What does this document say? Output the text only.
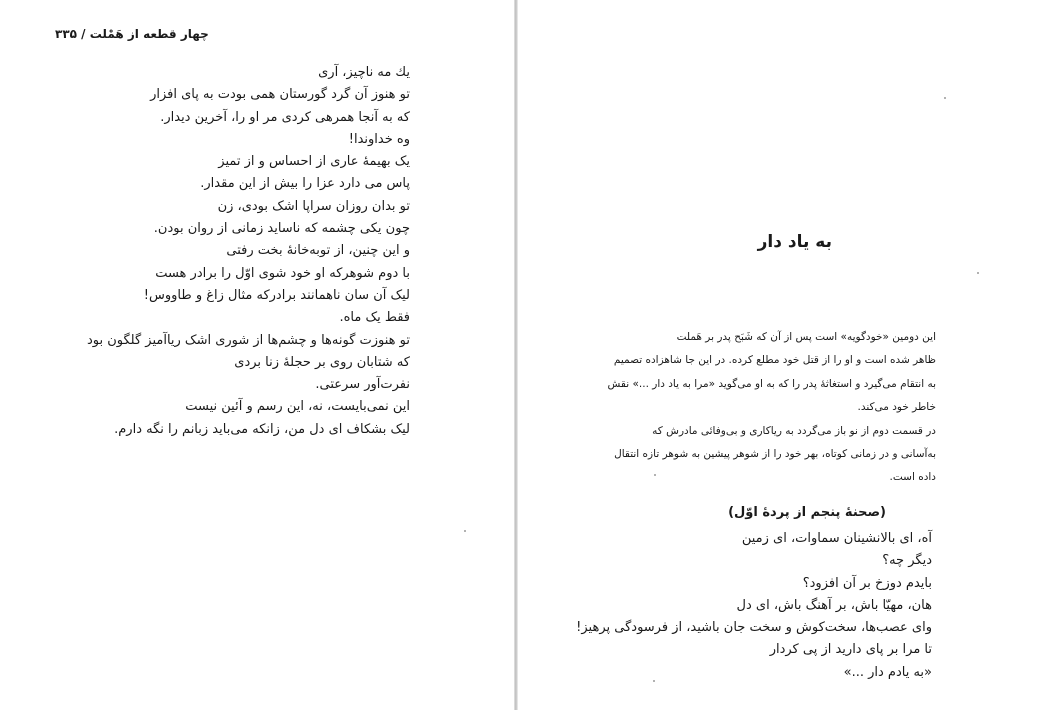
چهار قطعه از هَمْلت / ۳۳۵
یك مه ناچیز، آری
تو هنوز آن گرد گورستان همی بودت به پای افزار
که به آنجا همرهی کردی مر او را، آخرین دیدار.
وه خداوندا!
یک بهیمهٔ عاری از احساس و از تمیز
پاس می دارد عزا را بیش از این مقدار.
تو بدان روزان سراپا اشک بودی، زن
چون یکی چشمه که ناساید زمانی از روان بودن.
و این چنین، از توبه‌خانهٔ بخت رفتی
با دوم شوهرکه او خود شوی اوّل را برادر هست
لیک آن سان ناهمانند برادرکه مثال زاغ و طاووس!
فقط یک ماه.
تو هنوزت گونه‌ها و چشم‌ها از شوری اشک ریاآمیز گلگون بود
که شتابان روی بر حجلهٔ زنا بردی
نفرت‌آور سرعتی.
این نمی‌بایست، نه، این رسم و آئین نیست
لیک بشکاف ای دل من، زانکه می‌باید زبانم را نگه دارم.
به یاد دار
این دومین «خودگویه» است پس از آن که شَبَح پدر بر هَملت
ظاهر شده است و او را از قتل خود مطلع کرده. در این جا شاهزاده تصمیم
به انتقام می‌گیرد و استغاثهٔ پدر را که به او می‌گوید «مرا به یاد دار ...» نقش
خاطر خود می‌کند.
در قسمت دوم از نو باز می‌گردد به ریاکاری و بی‌وفائی مادرش که
به‌آسانی و در زمانی کوتاه، بهر خود را از شوهر پیشین به شوهر تازه انتقال
داده است.
(صحنهٔ پنجم از پردهٔ اوّل)
آه، ای بالانشینان سماوات، ای زمین
دیگر چه؟
بایدم دوزخ بر آن افزود؟
هان، مهیّا باش، بر آهنگ باش، ای دل
وای عصب‌ها، سخت‌کوش و سخت جان باشید، از فرسودگی پرهیز!
تا مرا بر پای دارید از پی کردار
«به یادم دار ...»
